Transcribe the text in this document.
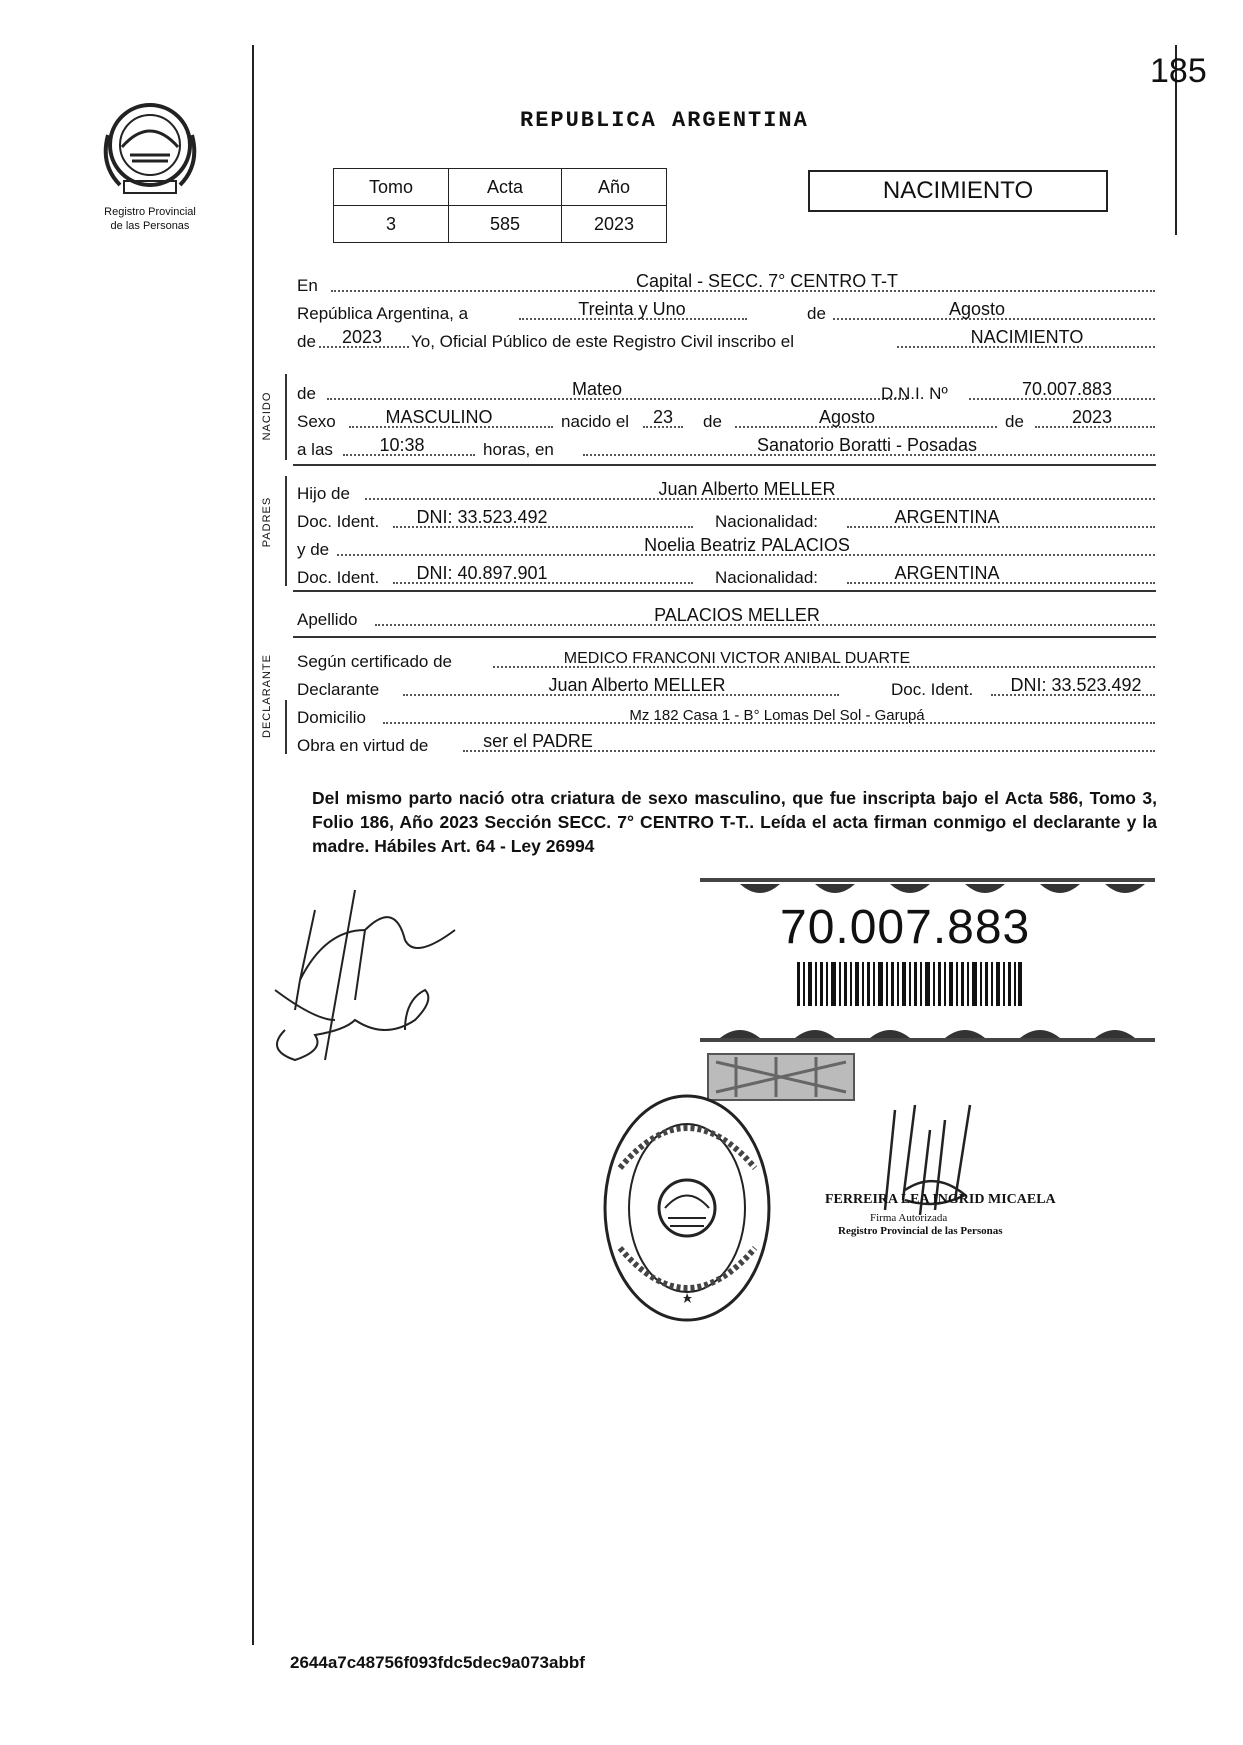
185
Registro Provincial
de las Personas
REPUBLICA ARGENTINA
Tomo	Acta	Año
3	585	2023
NACIMIENTO
En	Capital - SECC. 7° CENTRO T-T
República Argentina, a	Treinta y Uno	de	Agosto
de	2023	Yo, Oficial Público de este Registro Civil inscribo el	NACIMIENTO
NACIDO de	Mateo	D.N.I. Nº	70.007.883
Sexo	MASCULINO	nacido el	23	de	Agosto	de	2023
a las	10:38	horas, en	Sanatorio Boratti - Posadas
PADRES
Hijo de	Juan Alberto MELLER
Doc. Ident.	DNI: 33.523.492	Nacionalidad:	ARGENTINA
y de	Noelia Beatriz PALACIOS
Doc. Ident.	DNI: 40.897.901	Nacionalidad:	ARGENTINA
Apellido	PALACIOS MELLER
DECLARANTE Según certificado de	MEDICO FRANCONI VICTOR ANIBAL DUARTE
Declarante	Juan Alberto MELLER	Doc. Ident.	DNI: 33.523.492
Domicilio	Mz 182 Casa 1 - B° Lomas Del Sol - Garupá
Obra en virtud de	ser el PADRE
Del mismo parto nació otra criatura de sexo masculino, que fue inscripta bajo el Acta 586, Tomo 3, Folio 186, Año 2023 Sección SECC. 7° CENTRO T-T.. Leída el acta firman conmigo el declarante y la madre. Hábiles Art. 64 - Ley 26994
70.007.883
FERREIRA LEA INGRID MICAELA
Firma Autorizada
Registro Provincial de las Personas
2644a7c48756f093fdc5dec9a073abbf
